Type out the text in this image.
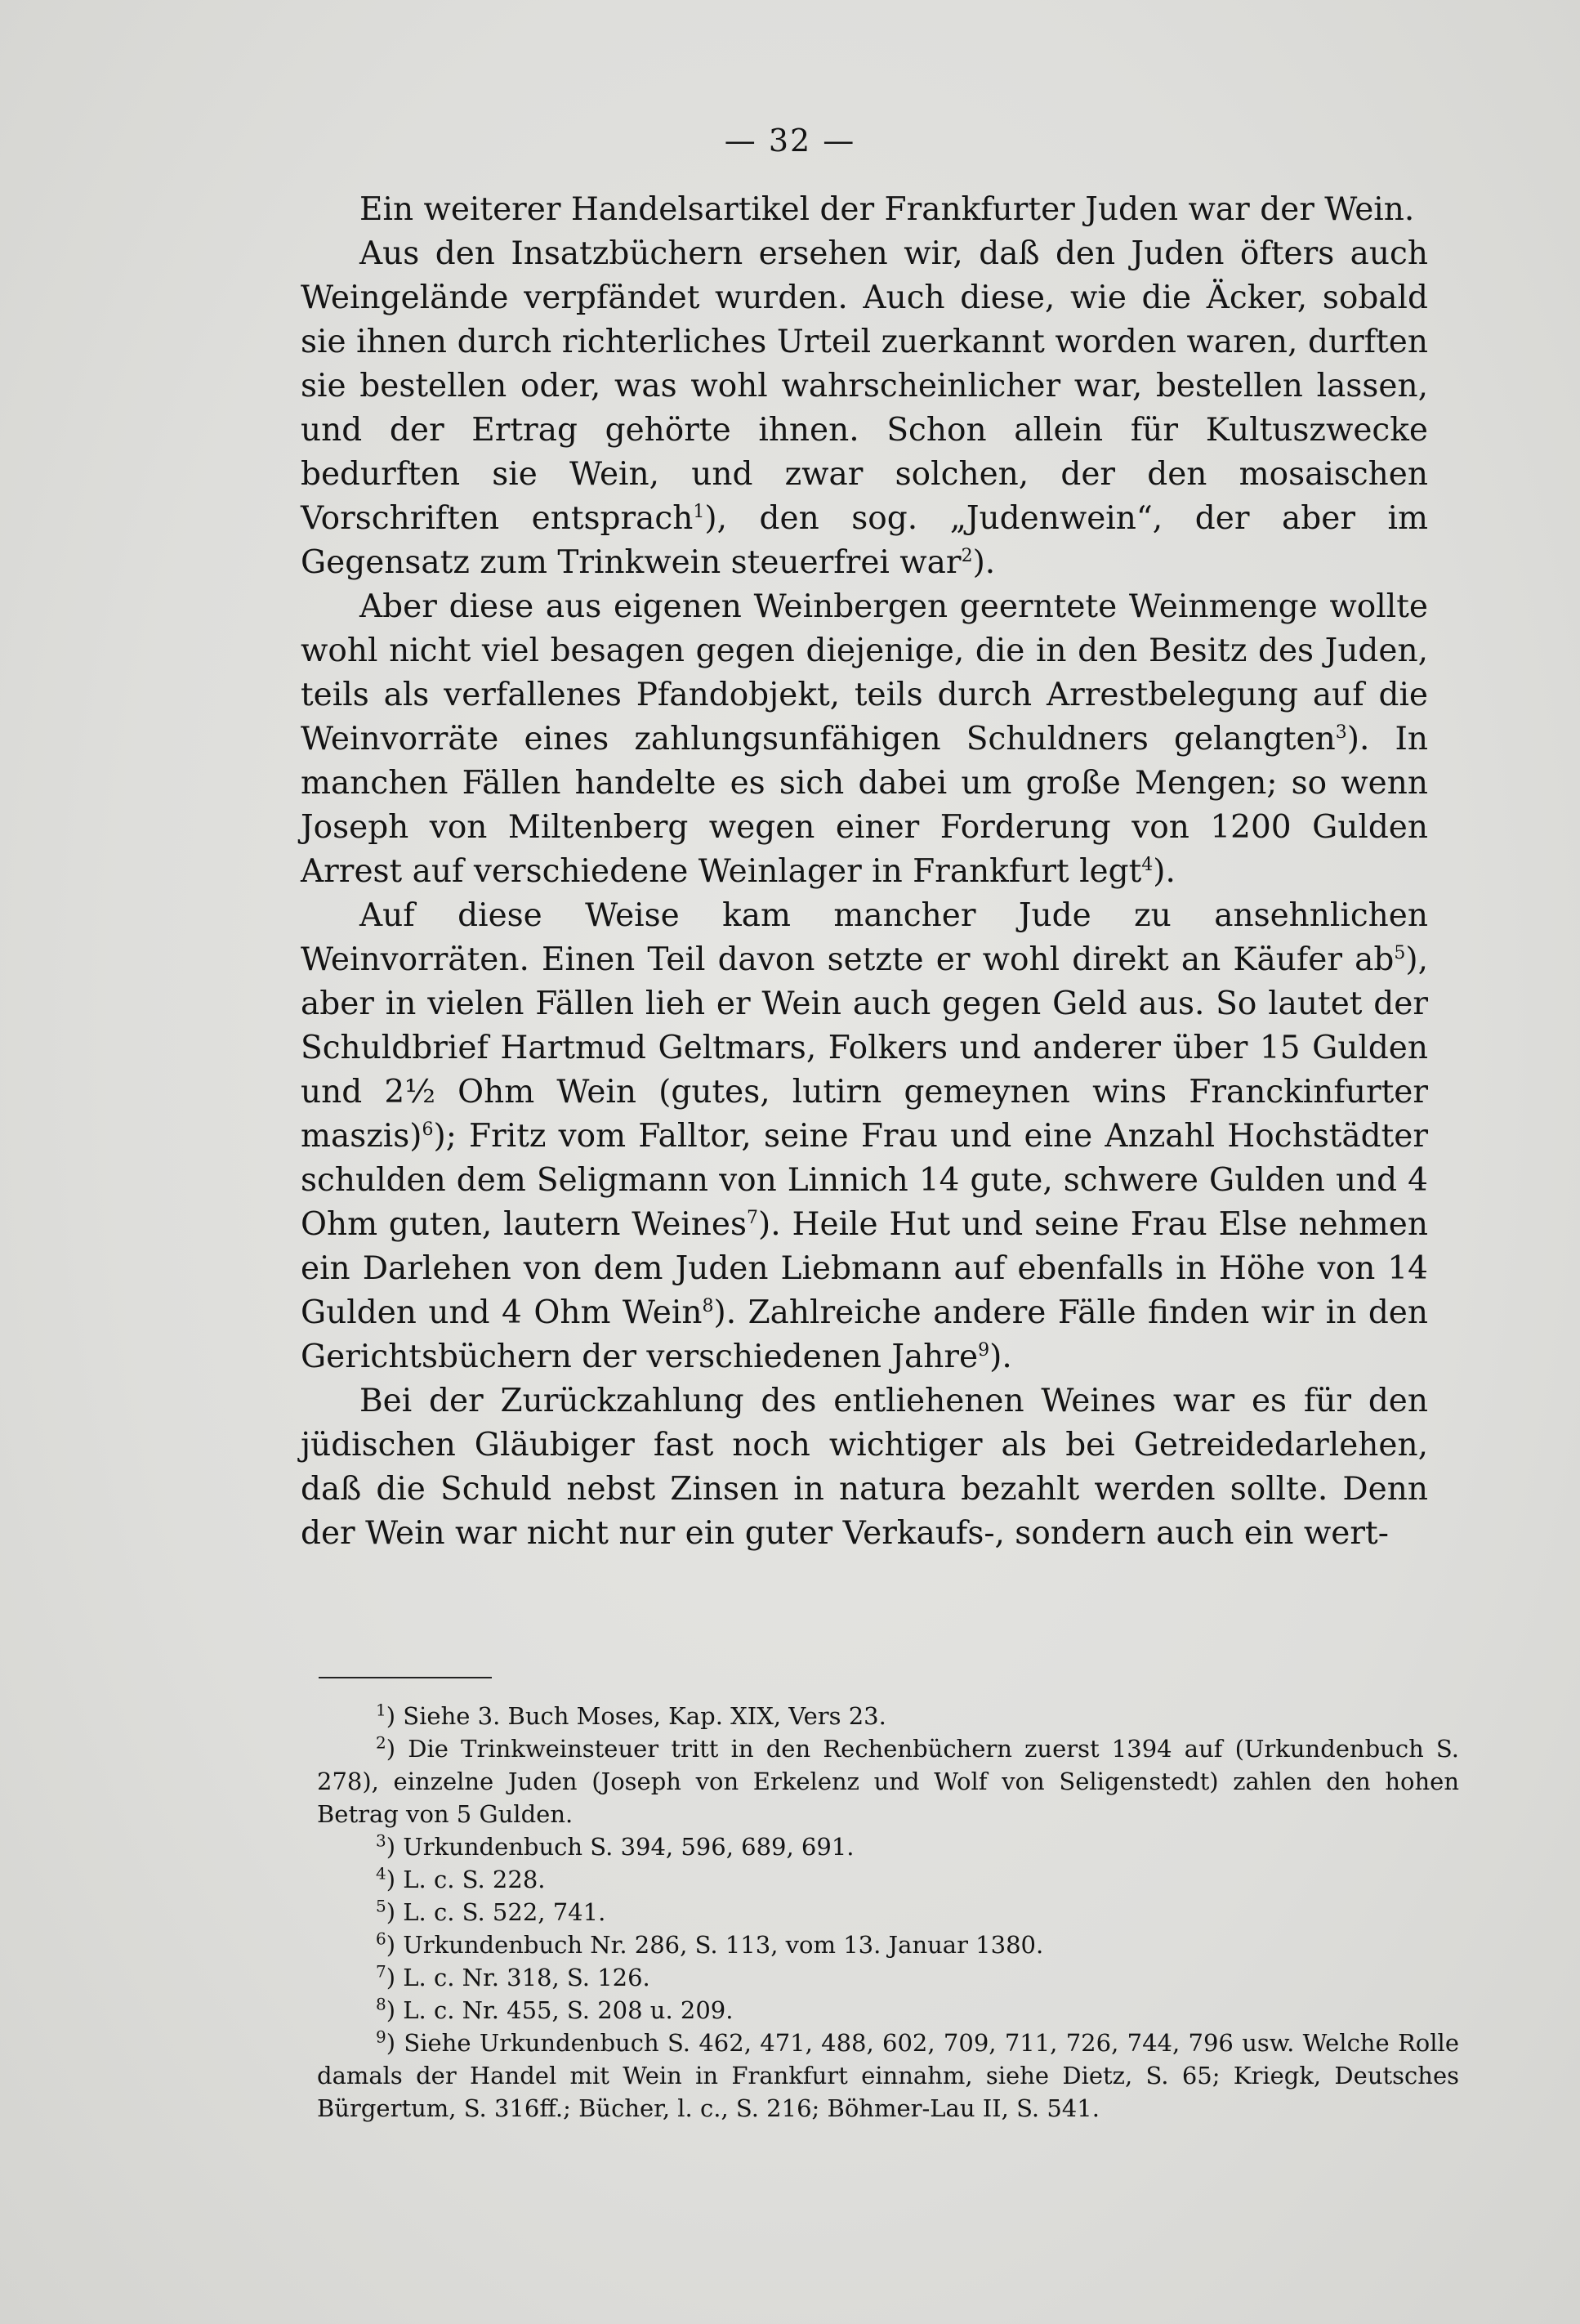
— 32 —

Ein weiterer Handelsartikel der Frankfurter Juden war der Wein.

Aus den Insatzbüchern ersehen wir, daß den Juden öfters auch Weingelände verpfändet wurden. Auch diese, wie die Äcker, sobald sie ihnen durch richterliches Urteil zuerkannt worden waren, durften sie bestellen oder, was wohl wahrscheinlicher war, bestellen lassen, und der Ertrag gehörte ihnen. Schon allein für Kultuszwecke bedurften sie Wein, und zwar solchen, der den mosaischen Vorschriften entsprach$^1$), den sog. „Judenwein“, der aber im Gegensatz zum Trinkwein steuerfrei war$^2$).

Aber diese aus eigenen Weinbergen geerntete Weinmenge wollte wohl nicht viel besagen gegen diejenige, die in den Besitz des Juden, teils als verfallenes Pfandobjekt, teils durch Arrestbelegung auf die Weinvorräte eines zahlungsunfähigen Schuldners gelangten$^3$). In manchen Fällen handelte es sich dabei um große Mengen; so wenn Joseph von Miltenberg wegen einer Forderung von 1200 Gulden Arrest auf verschiedene Weinlager in Frankfurt legt$^4$).

Auf diese Weise kam mancher Jude zu ansehnlichen Weinvorräten. Einen Teil davon setzte er wohl direkt an Käufer $ab^5$), aber in vielen Fällen lieh er Wein auch gegen Geld aus. So lautet der Schuldbrief Hartmud Geltmars, Folkers und anderer über 15 Gulden und 2½ Ohm Wein (gutes, lutirn gemeynen wins Franckinfurter maszis)$^6$); Fritz vom Falltor, seine Frau und eine Anzahl Hochstädter schulden dem Seligmann von Linnich 14 gute, schwere Gulden und 4 Ohm guten, lautern Weines$^7$). Heile Hut und seine Frau Else nehmen ein Darlehen von dem Juden Liebmann auf ebenfalls in Höhe von 14 Gulden und 4 Ohm Wein$^8$). Zahlreiche andere Fälle finden wir in den Gerichtsbüchern der verschiedenen Jahre$^9$).

Bei der Zurückzahlung des entliehenen Weines war es für den jüdischen Gläubiger fast noch wichtiger als bei Getreidedarlehen, daß die Schuld nebst Zinsen in natura bezahlt werden sollte. Denn der Wein war nicht nur ein guter Verkaufs-, sondern auch ein wert-

$^1$) Siehe 3. Buch Moses, Kap. XIX, Vers 23.

$^2$) Die Trinkweinsteuer tritt in den Rechenbüchern zuerst 1394 auf (Urkundenbuch S. 278), einzelne Juden (Joseph von Erkelenz und Wolf von Seligenstedt) zahlen den hohen Betrag von 5 Gulden.

$^3$) Urkundenbuch S. 394, 596, 689, 691.

$^4$) L. c. S. 228.

$^5$) L. c. S. 522, 741.

$^6$) Urkundenbuch Nr. 286, S. 113, vom 13. Januar 1380.

$^7$) L. c. Nr. 318, S. 126.

$^8$) L. c. Nr. 455, S. 208 u. 209.

$^9$) Siehe Urkundenbuch S. 462, 471, 488, 602, 709, 711, 726, 744, 796 usw. Welche Rolle damals der Handel mit Wein in Frankfurt einnahm, siehe Dietz, S. 65; Kriegk, Deutsches Bürgertum, S. 316ff.; Bücher, l. c., S. 216; Böhmer-Lau II, S. 541.
